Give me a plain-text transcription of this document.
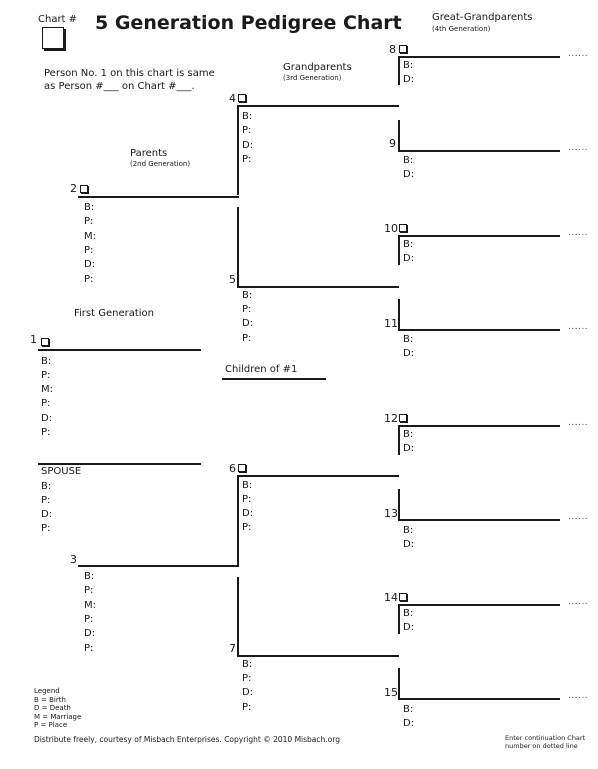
Chart # 5 Generation Pedigree Chart
Person No. 1 on this chart is same
as Person #___ on Chart #___.
Great-Grandparents
(4th Generation)
Grandparents
(3rd Generation)
Parents
(2nd Generation)
First Generation
Children of #1
1
B:
P:
M:
P:
D:
P:
SPOUSE
B:
P:
D:
P:
2
B:
P:
M:
P:
D:
P:
3
B:
P:
M:
P:
D:
P:
4
B:
P:
D:
P:
5
B:
P:
D:
P:
6
B:
P:
D:
P:
7
B:
P:
D:
P:
8
B:
D:
......
9
B:
D:
......
10
B:
D:
......
11
B:
D:
......
12
B:
D:
......
13
B:
D:
......
14
B:
D:
......
15
B:
D:
......
Legend
B = Birth
D = Death
M = Marriage
P = Place
Distribute freely, courtesy of Misbach Enterprises. Copyright © 2010 Misbach.org	Enter continuation Chart
number on dotted line
